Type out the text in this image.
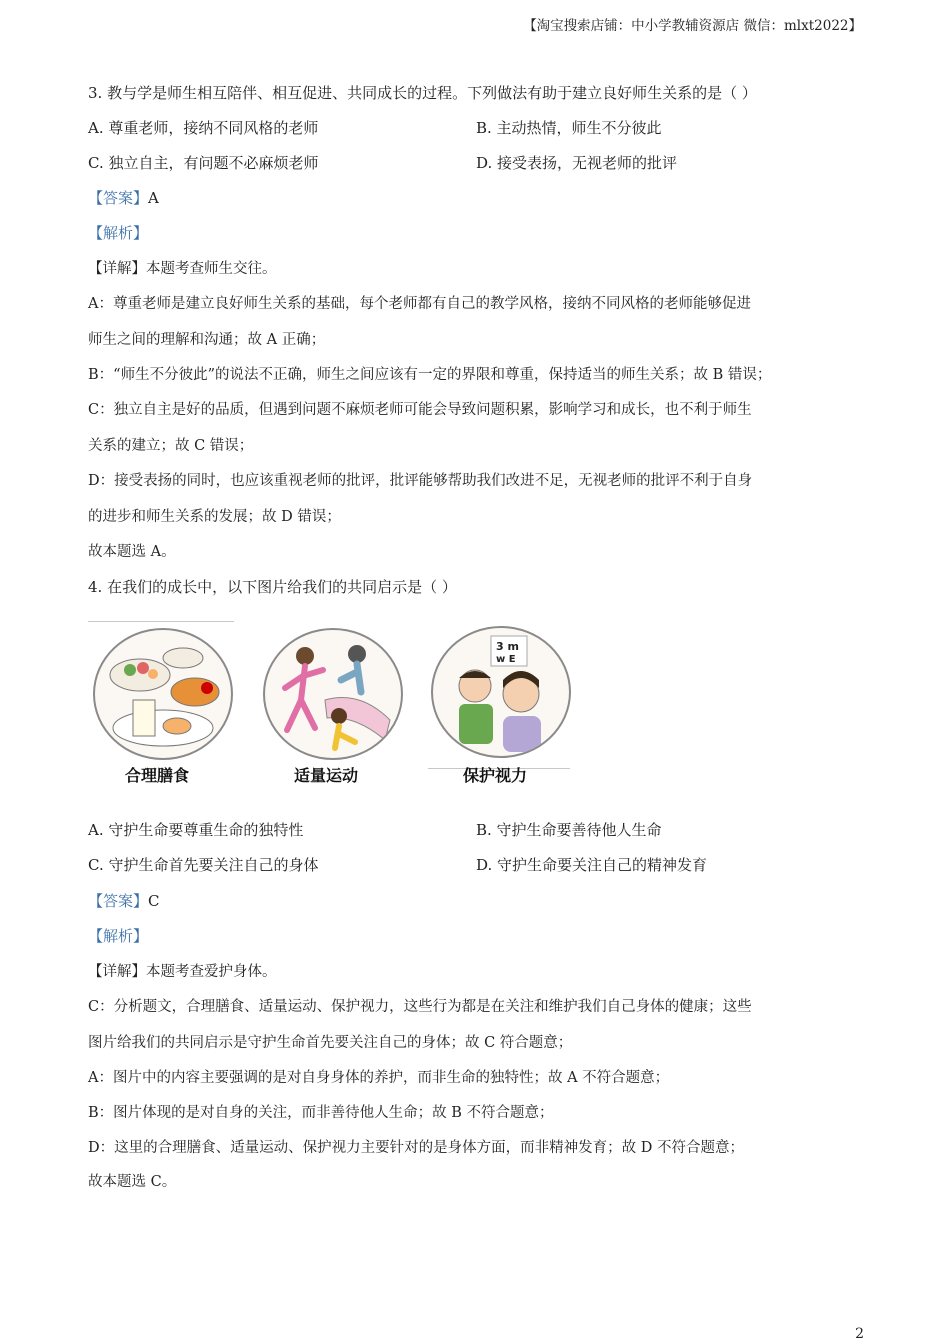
【淘宝搜索店铺：中小学教辅资源店 微信：mlxt2022】
3. 教与学是师生相互陪伴、相互促进、共同成长的过程。下列做法有助于建立良好师生关系的是（ ）
A. 尊重老师，接纳不同风格的老师	B. 主动热情，师生不分彼此
C. 独立自主，有问题不必麻烦老师	D. 接受表扬，无视老师的批评
【答案】A
【解析】
【详解】本题考查师生交往。
A：尊重老师是建立良好师生关系的基础，每个老师都有自己的教学风格，接纳不同风格的老师能够促进
师生之间的理解和沟通；故 A 正确；
B：“师生不分彼此”的说法不正确，师生之间应该有一定的界限和尊重，保持适当的师生关系；故 B 错误；
C：独立自主是好的品质，但遇到问题不麻烦老师可能会导致问题积累，影响学习和成长，也不利于师生
关系的建立；故 C 错误；
D：接受表扬的同时，也应该重视老师的批评，批评能够帮助我们改进不足，无视老师的批评不利于自身
的进步和师生关系的发展；故 D 错误；
故本题选 A。
4. 在我们的成长中，以下图片给我们的共同启示是（ ）
3 m
w E
合理膳食	适量运动	保护视力
A. 守护生命要尊重生命的独特性	B. 守护生命要善待他人生命
C. 守护生命首先要关注自己的身体	D. 守护生命要关注自己的精神发育
【答案】C
【解析】
【详解】本题考查爱护身体。
C：分析题文，合理膳食、适量运动、保护视力，这些行为都是在关注和维护我们自己身体的健康；这些
图片给我们的共同启示是守护生命首先要关注自己的身体；故 C 符合题意；
A：图片中的内容主要强调的是对自身身体的养护，而非生命的独特性；故 A 不符合题意；
B：图片体现的是对自身的关注，而非善待他人生命；故 B 不符合题意；
D：这里的合理膳食、适量运动、保护视力主要针对的是身体方面，而非精神发育；故 D 不符合题意；
故本题选 C。
2
